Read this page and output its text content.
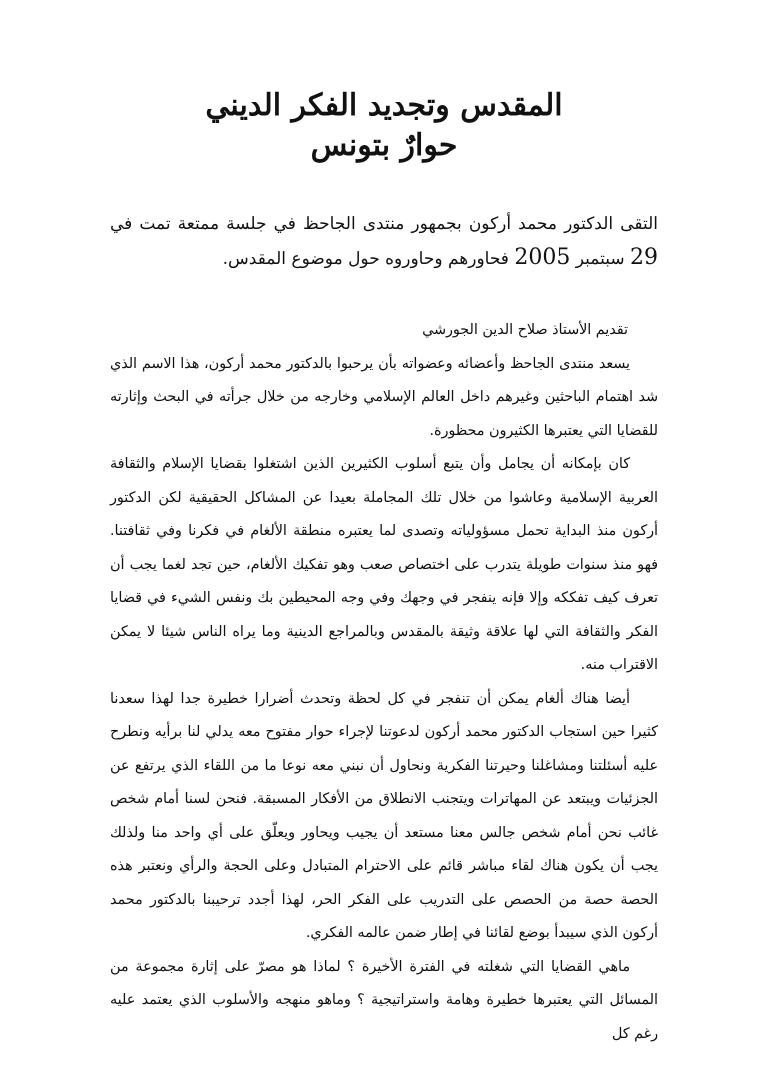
المقدس وتجديد الفكر الديني
حوارٌ بتونس
التقى الدكتور محمد أركون بجمهور منتدى الجاحظ في جلسة ممتعة تمت في 29 سبتمبر 2005 فحاورهم وحاوروه حول موضوع المقدس.

تقديم الأستاذ صلاح الدين الجورشي

يسعد منتدى الجاحظ وأعضائه وعضواته بأن يرحبوا بالدكتور محمد أركون، هذا الاسم الذي شد اهتمام الباحثين وغيرهم داخل العالم الإسلامي وخارجه من خلال جرأته في البحث وإثارته للقضايا التي يعتبرها الكثيرون محظورة.

كان بإمكانه أن يجامل وأن يتبع أسلوب الكثيرين الذين اشتغلوا بقضايا الإسلام والثقافة العربية الإسلامية وعاشوا من خلال تلك المجاملة بعيدا عن المشاكل الحقيقية لكن الدكتور أركون منذ البداية تحمل مسؤولياته وتصدى لما يعتبره منطقة الألغام في فكرنا وفي ثقافتنا. فهو منذ سنوات طويلة يتدرب على اختصاص صعب وهو تفكيك الألغام، حين تجد لغما يجب أن تعرف كيف تفككه وإلا فإنه ينفجر في وجهك وفي وجه المحيطين بك ونفس الشيء في قضايا الفكر والثقافة التي لها علاقة وثيقة بالمقدس وبالمراجع الدينية وما يراه الناس شيئا لا يمكن الاقتراب منه.

أيضا هناك ألغام يمكن أن تنفجر في كل لحظة وتحدث أضرارا خطيرة جدا لهذا سعدنا كثيرا حين استجاب الدكتور محمد أركون لدعوتنا لإجراء حوار مفتوح معه يدلي لنا برأيه ونطرح عليه أسئلتنا ومشاغلنا وحيرتنا الفكرية ونحاول أن نبني معه نوعا ما من اللقاء الذي يرتفع عن الجزئيات ويبتعد عن المهاترات ويتجنب الانطلاق من الأفكار المسبقة. فنحن لسنا أمام شخص غائب نحن أمام شخص جالس معنا مستعد أن يجيب ويحاور ويعلّق على أي واحد منا ولذلك يجب أن يكون هناك لقاء مباشر قائم على الاحترام المتبادل وعلى الحجة والرأي ونعتبر هذه الحصة حصة من الحصص على التدريب على الفكر الحر، لهذا أجدد ترحيبنا بالدكتور محمد أركون الذي سيبدأ بوضع لقائنا في إطار ضمن عالمه الفكري.

ماهي القضايا التي شغلته في الفترة الأخيرة ؟ لماذا هو مصرّ على إثارة مجموعة من المسائل التي يعتبرها خطيرة وهامة واستراتيجية ؟ وماهو منهجه والأسلوب الذي يعتمد عليه رغم كل
